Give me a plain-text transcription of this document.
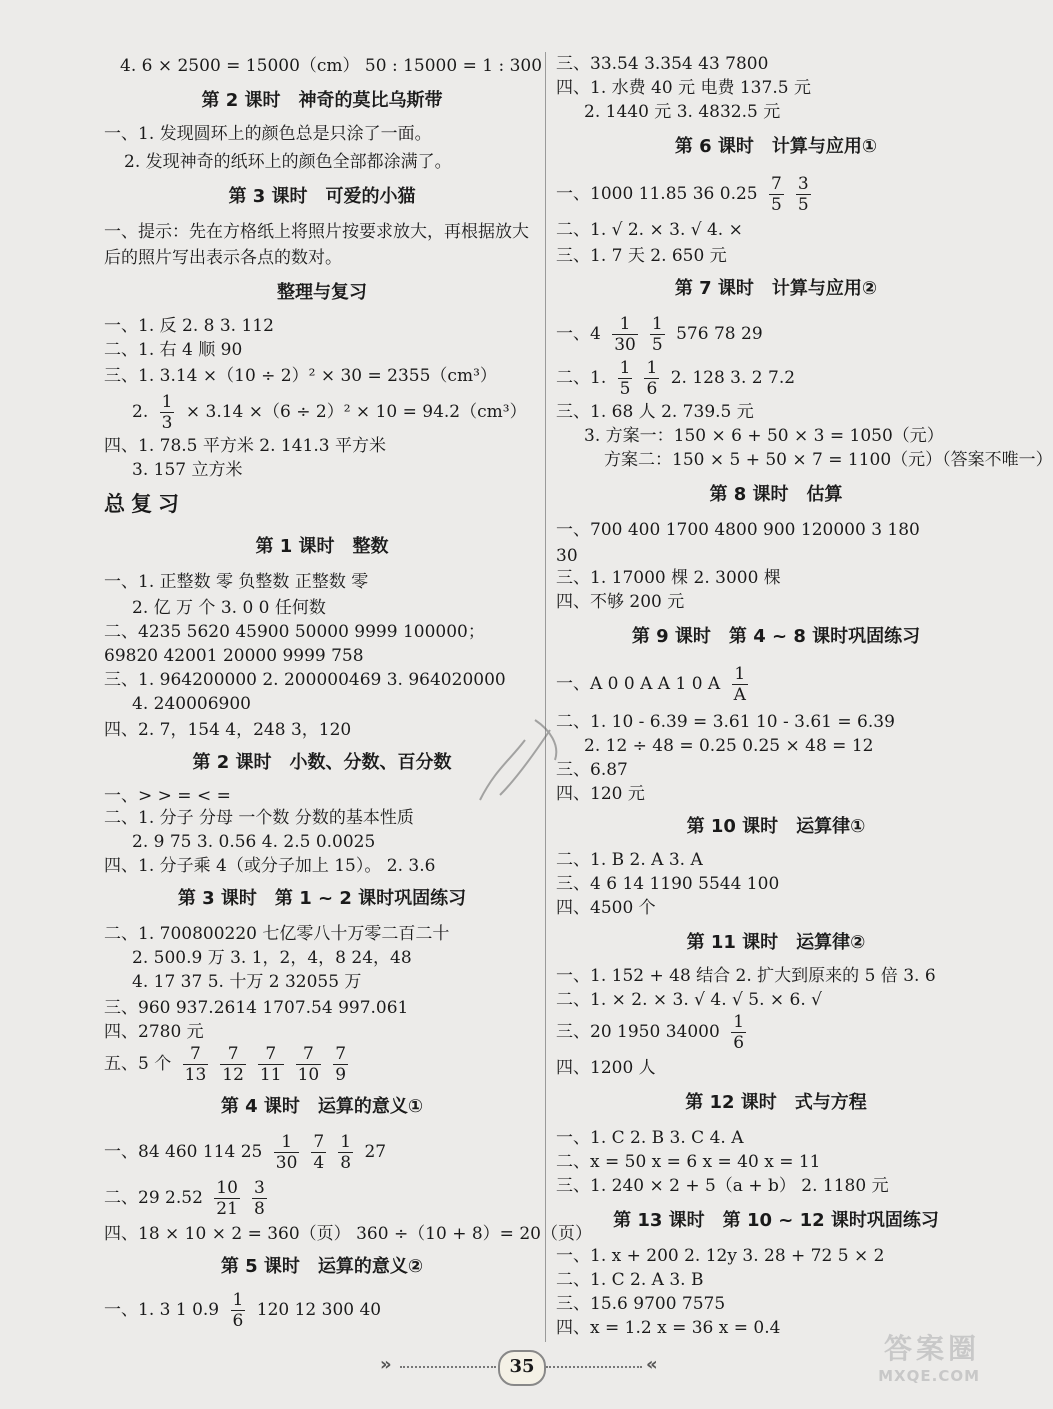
4. 6 × 2500 = 15000（cm） 50 : 15000 = 1 : 300
第 2 课时 神奇的莫比乌斯带
一、1. 发现圆环上的颜色总是只涂了一面。
2. 发现神奇的纸环上的颜色全部都涂满了。
第 3 课时 可爱的小猫
一、提示：先在方格纸上将照片按要求放大，再根据放大
后的照片写出表示各点的数对。
整理与复习
一、1. 反 2. 8 3. 112
二、1. 右 4 顺 90
三、1. 3.14 ×（10 ÷ 2）² × 30 = 2355（cm³）
2. $\frac{1}{3} \times 3.14 \times(6 \div 2)^2 \times 10 = 94.2(cm^3)$
四、1. 78.5 平方米 2. 141.3 平方米
3. 157 立方米
总复习
第 1 课时 整数
一、1. 正整数 零 负整数 正整数 零
2. 亿 万 个 3. 0 0 任何数
二、4235 5620 45900 50000 9999 100000；
69820 42001 20000 9999 758
三、1. 964200000 2. 200000469 3. 964020000
4. 240006900
四、2. 7，154 4，248 3，120
第 2 课时 小数、分数、百分数
一、> > = < =
二、1. 分子 分母 一个数 分数的基本性质
2. 9 75 3. 0.56 4. 2.5 0.0025
四、1. 分子乘 4（或分子加上 15）。 2. 3.6
第 3 课时 第 1 ~ 2 课时巩固练习
二、1. 700800220 七亿零八十万零二百二十
2. 500.9 万 3. 1，2，4，8 24，48
4. 17 37 5. 十万 2 32055 万
三、960 937.2614 1707.54 997.061
四、2780 元
五、5 个 $\frac{7}{13} \frac{7}{12} \frac{7}{11} \frac{7}{10} \frac{7}{9}$
第 4 课时 运算的意义①
一、84 460 114 $25 \frac{1}{30} \frac{7}{4} \frac{1}{8} 27$
二、29 $2.52 \frac{10}{21} \frac{3}{8}$
四、18 × 10 × 2 = 360（页） 360 ÷（10 + 8）= 20（页）
第 5 课时 运算的意义②
一、1. 3 1 $0.9 \frac{1}{6} 120$ 12 300 40
三、33.54 3.354 43 7800
四、1. 水费 40 元 电费 137.5 元
2. 1440 元 3. 4832.5 元
第 6 课时 计算与应用①
一、1000 11.85 36 $0.25 \frac{7}{5} \frac{3}{5}$
二、1. √ 2. × 3. √ 4. ×
三、1. 7 天 2. 650 元
第 7 课时 计算与应用②
一、$4 \frac{1}{30} \frac{1}{5} 576$ 78 29
二、1. $\frac{1}{5} \frac{1}{6} 2$. 128 3. 2 7.2
三、1. 68 人 2. 739.5 元
3. 方案一：150 × 6 + 50 × 3 = 1050（元）
方案二：150 × 5 + 50 × 7 = 1100（元）（答案不唯一）
第 8 课时 估算
一、700 400 1700 4800 900 120000 3 180
30
三、1. 17000 棵 2. 3000 棵
四、不够 200 元
第 9 课时 第 4 ~ 8 课时巩固练习
一、A 0 0 A A 1 0 A $\frac{1}{A}$
二、1. 10 - 6.39 = 3.61 10 - 3.61 = 6.39
2. 12 ÷ 48 = 0.25 0.25 × 48 = 12
三、6.87
四、120 元
第 10 课时 运算律①
二、1. B 2. A 3. A
三、4 6 14 1190 5544 100
四、4500 个
第 11 课时 运算律②
一、1. 152 + 48 结合 2. 扩大到原来的 5 倍 3. 6
二、1. × 2. × 3. √ 4. √ 5. × 6. √
三、20 1950 $34000 \frac{1}{6}$
四、1200 人
第 12 课时 式与方程
一、1. C 2. B 3. C 4. A
二、x = 50 x = 6 x = 40 x = 11
三、1. 240 × 2 + 5（a + b） 2. 1180 元
第 13 课时 第 10 ~ 12 课时巩固练习
一、1. x + 200 2. 12y 3. 28 + 72 5 × 2
二、1. C 2. A 3. B
三、15.6 9700 7575
四、x = 1.2 x = 36 x = 0.4
»	35	«	答案圈
MXQE.COM
